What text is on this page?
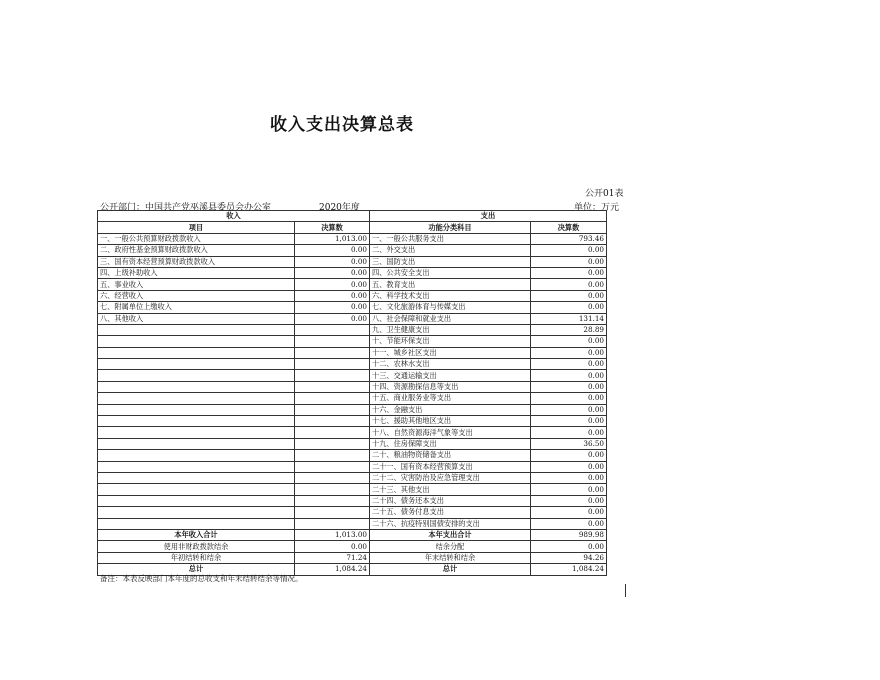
收入支出决算总表
公开01表
公开部门：中国共产党巫溪县委员会办公室	2020年度	单位：万元
收入		支出	
项目	决算数	功能分类科目	决算数
一、一般公共预算财政拨款收入	1,013.00	一、一般公共服务支出	793.46
二、政府性基金预算财政拨款收入	0.00	二、外交支出	0.00
三、国有资本经营预算财政拨款收入	0.00	三、国防支出	0.00
四、上级补助收入	0.00	四、公共安全支出	0.00
五、事业收入	0.00	五、教育支出	0.00
六、经营收入	0.00	六、科学技术支出	0.00
七、附属单位上缴收入	0.00	七、文化旅游体育与传媒支出	0.00
八、其他收入	0.00	八、社会保障和就业支出	131.14
		九、卫生健康支出	28.89
		十、节能环保支出	0.00
		十一、城乡社区支出	0.00
		十二、农林水支出	0.00
		十三、交通运输支出	0.00
		十四、资源勘探信息等支出	0.00
		十五、商业服务业等支出	0.00
		十六、金融支出	0.00
		十七、援助其他地区支出	0.00
		十八、自然资源海洋气象等支出	0.00
		十九、住房保障支出	36.50
		二十、粮油物资储备支出	0.00
		二十一、国有资本经营预算支出	0.00
		二十二、灾害防治及应急管理支出	0.00
		二十三、其他支出	0.00
		二十四、债务还本支出	0.00
		二十五、债务付息支出	0.00
		二十六、抗疫特别国债安排的支出	0.00
本年收入合计	1,013.00	本年支出合计	989.98
使用非财政拨款结余	0.00	结余分配	0.00
年初结转和结余	71.24	年末结转和结余	94.26
总计	1,084.24	总计	1,084.24
备注：本表反映部门本年度的总收支和年末结转结余等情况。
